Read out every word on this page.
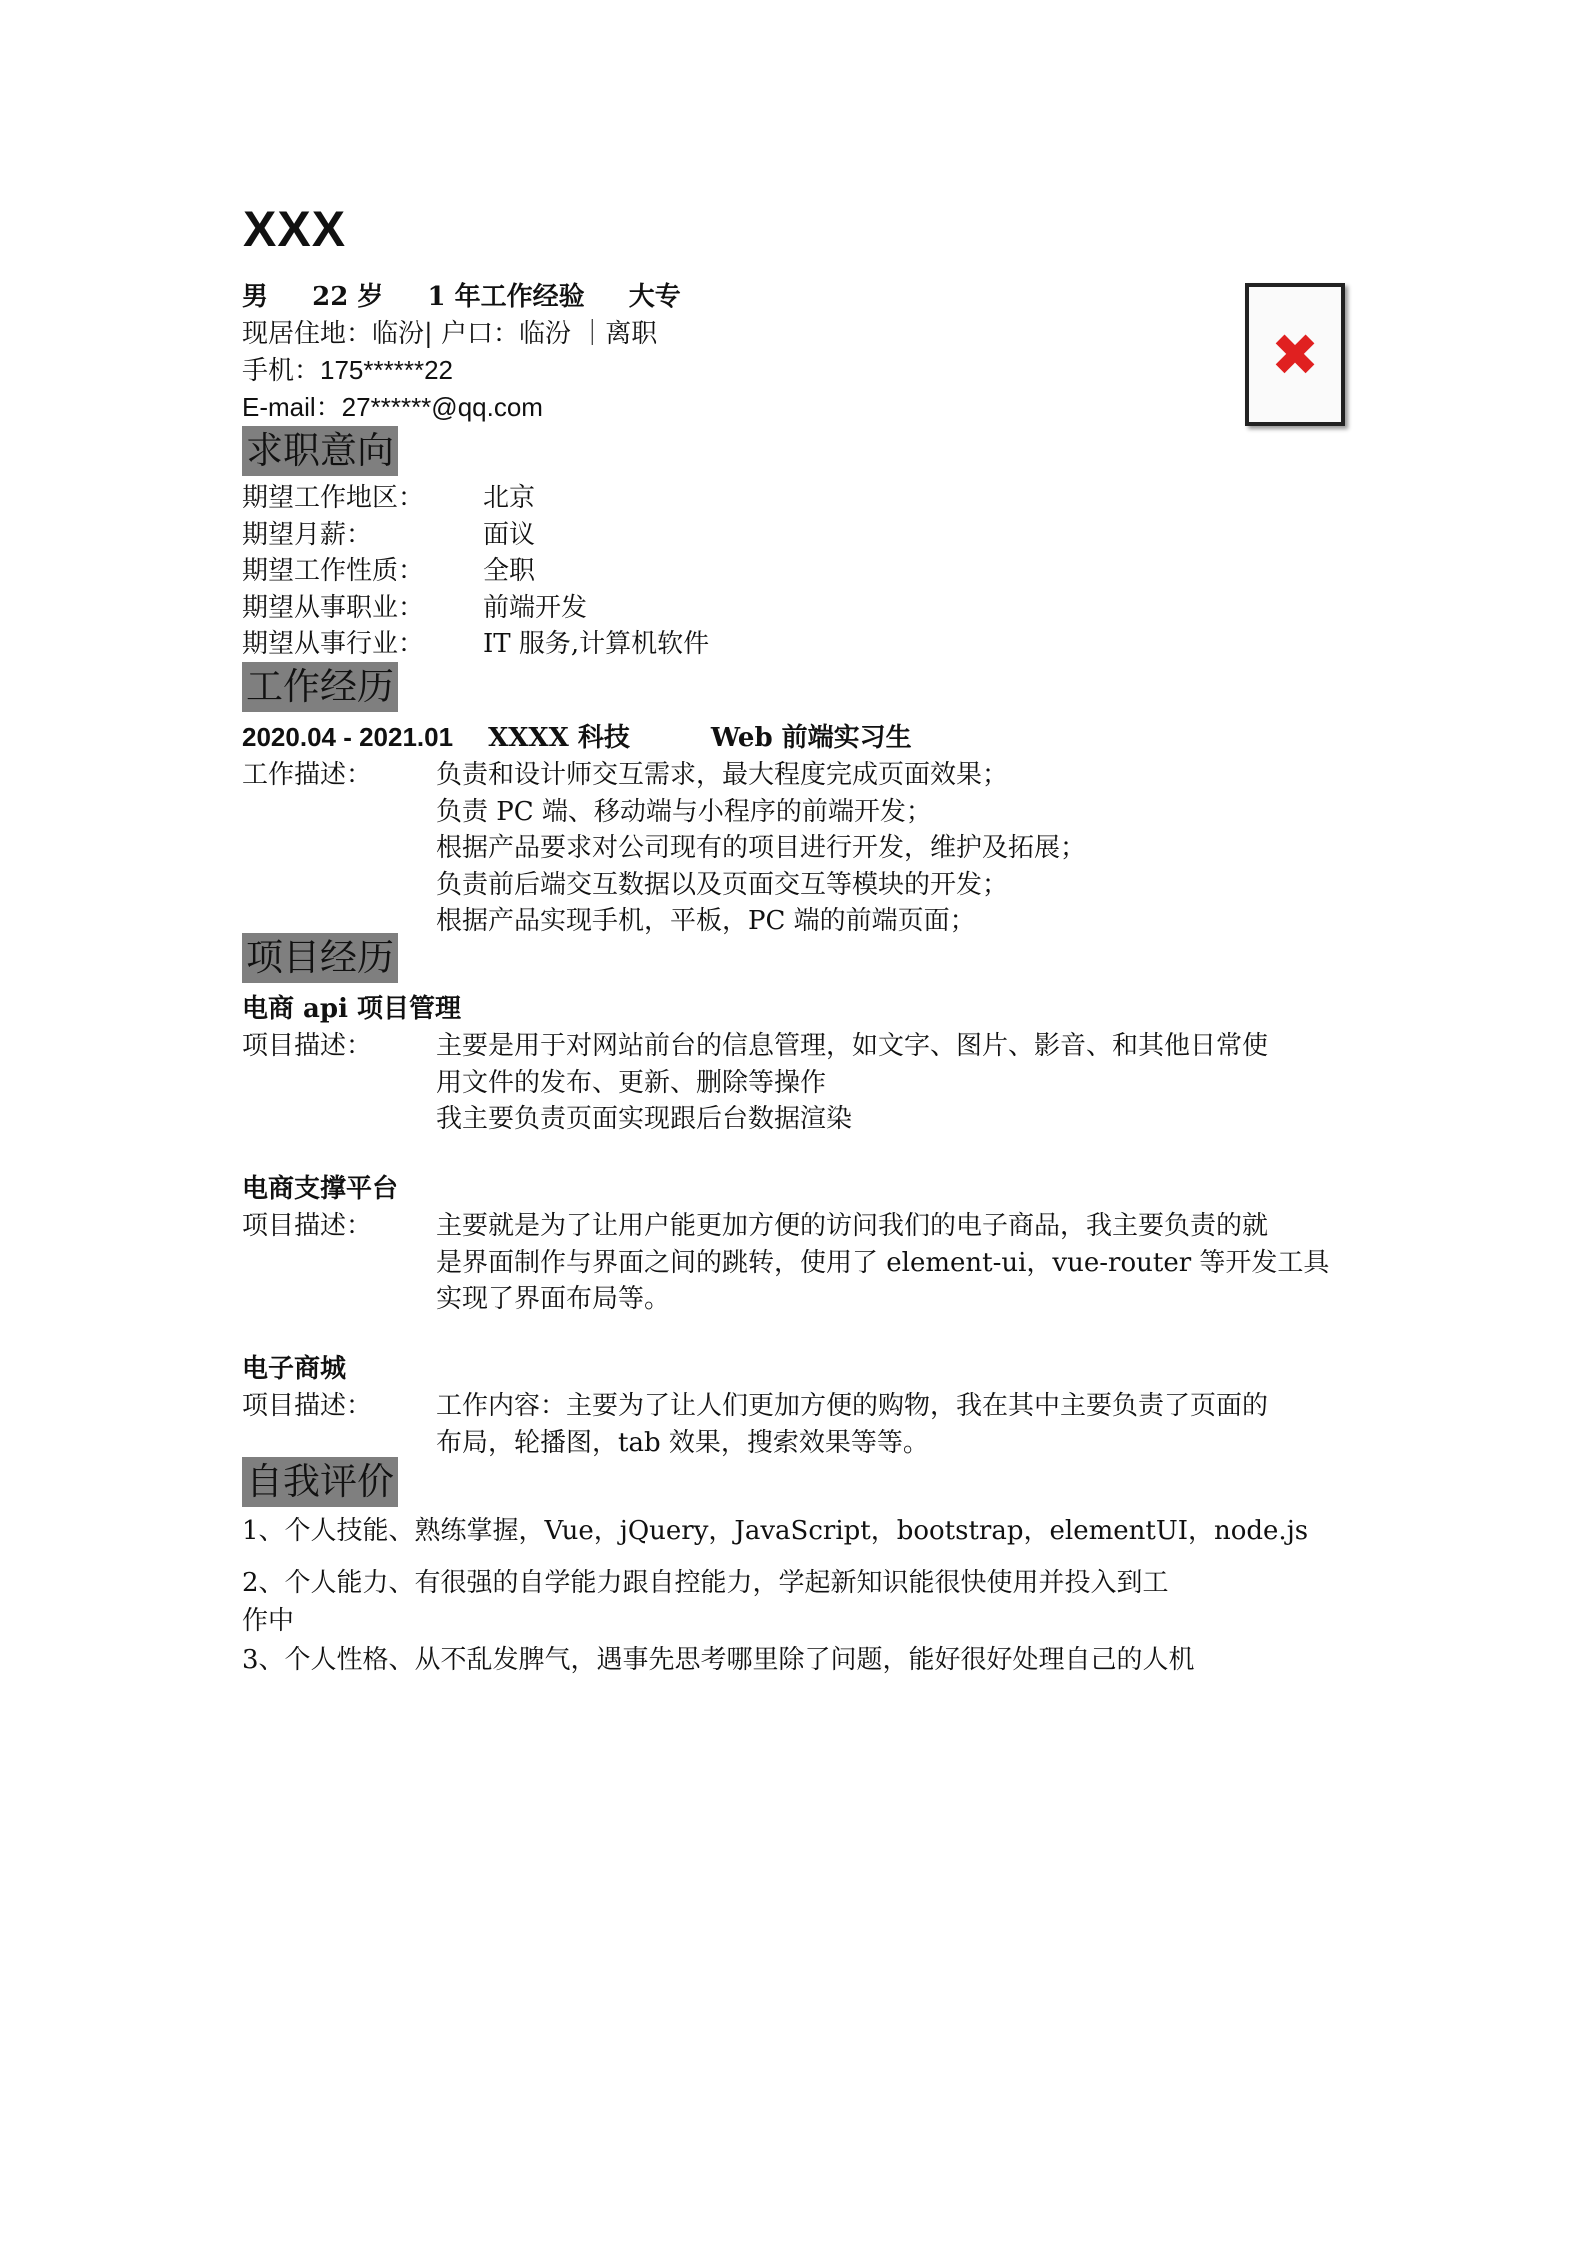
XXX
男 22 岁 1 年工作经验 大专
现居住地：临汾| 户口：临汾 ｜离职
手机：175******22
E-mail：27******@qq.com
✖
求职意向
期望工作地区： 北京
期望月薪：	面议
期望工作性质： 全职
期望从事职业： 前端开发
期望从事行业： IT 服务,计算机软件
工作经历
2020.04 - 2021.01 XXXX 科技	Web 前端实习生
工作描述： 负责和设计师交互需求，最大程度完成页面效果；
负责 PC 端、移动端与小程序的前端开发；
根据产品要求对公司现有的项目进行开发，维护及拓展；
负责前后端交互数据以及页面交互等模块的开发；
根据产品实现手机，平板，PC 端的前端页面；
项目经历
电商 api 项目管理
项目描述： 主要是用于对网站前台的信息管理，如文字、图片、影音、和其他日常使
用文件的发布、更新、删除等操作
我主要负责页面实现跟后台数据渲染
电商支撑平台
项目描述： 主要就是为了让用户能更加方便的访问我们的电子商品，我主要负责的就
是界面制作与界面之间的跳转，使用了 element-ui，vue-router 等开发工具
实现了界面布局等。
电子商城
项目描述： 工作内容：主要为了让人们更加方便的购物，我在其中主要负责了页面的
布局，轮播图，tab 效果，搜索效果等等。
自我评价
1、个人技能、熟练掌握，Vue，jQuery，JavaScript，bootstrap，elementUI，node.js
2、个人能力、有很强的自学能力跟自控能力，学起新知识能很快使用并投入到工
作中
3、个人性格、从不乱发脾气，遇事先思考哪里除了问题，能好很好处理自己的人机
